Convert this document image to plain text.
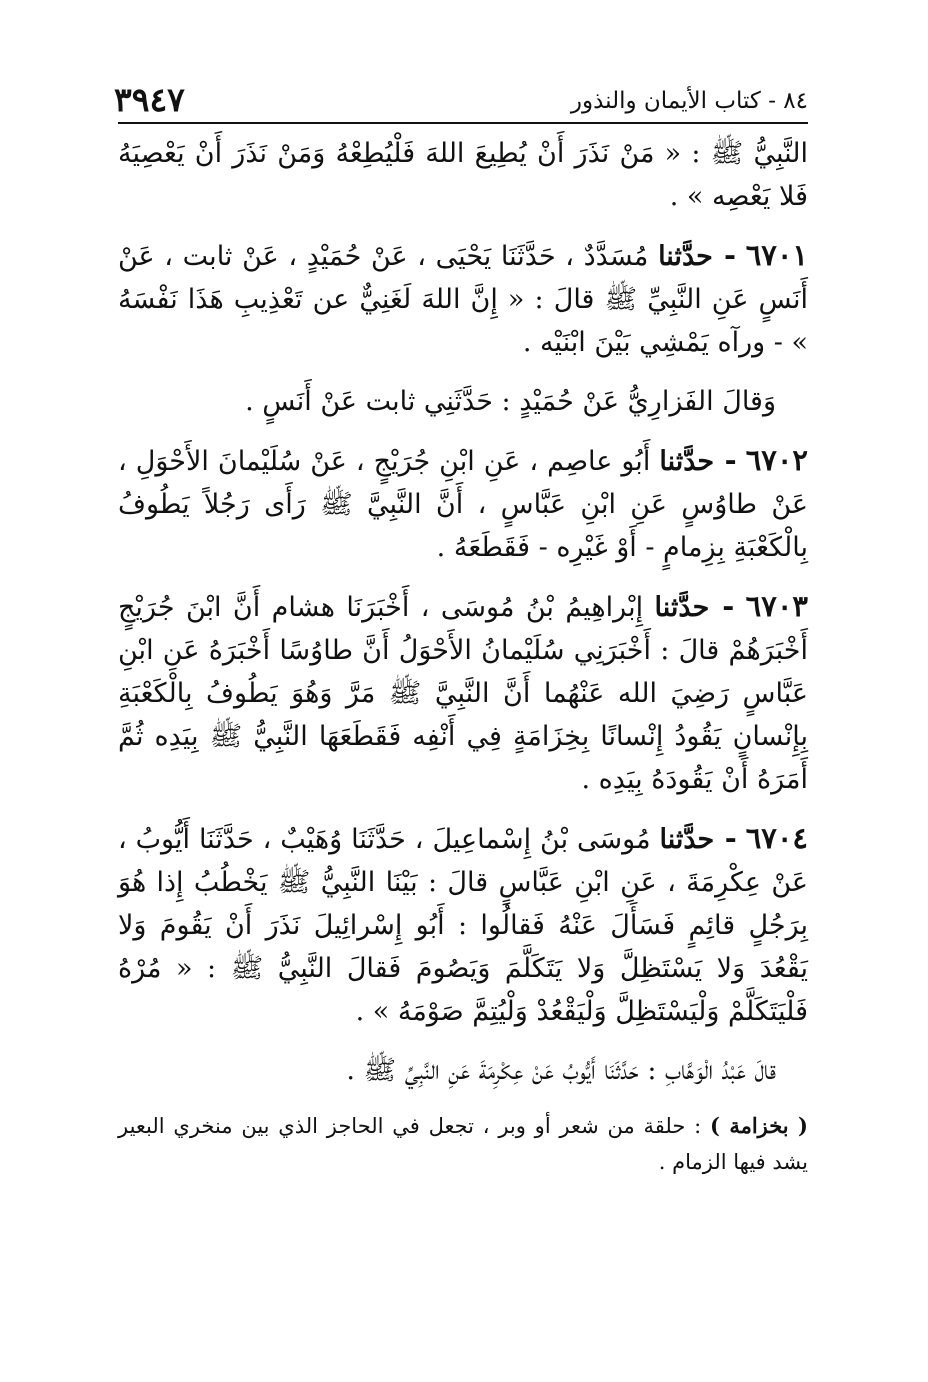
٨٤ - كتاب الأيمان والنذور
٣٩٤٧

النَّبِيُّ ﷺ : « مَنْ نَذَرَ أَنْ يُطِيعَ اللهَ فَلْيُطِعْهُ وَمَنْ نَذَرَ أَنْ يَعْصِيَهُ فَلا يَعْصِه » .

٦٧٠١ - حدَّثنا مُسَدَّدٌ ، حَدَّثَنَا يَحْيَى ، عَنْ حُمَيْدٍ ، عَنْ ثابت ، عَنْ أَنَسٍ عَنِ النَّبِيِّ ﷺ قالَ : « إِنَّ اللهَ لَغَنِيٌّ عن تَعْذِيبِ هَذَا نَفْسَهُ » - ورآه يَمْشِي بَيْنَ ابْنَيْه .

وَقالَ الفَزارِيُّ عَنْ حُمَيْدٍ : حَدَّثَنِي ثابت عَنْ أَنَسٍ .

٦٧٠٢ - حدَّثنا أَبُو عاصِم ، عَنِ ابْنِ جُرَيْجٍ ، عَنْ سُلَيْمانَ الأَحْوَلِ ، عَنْ طاوُسٍ عَنِ ابْنِ عَبَّاسٍ ، أَنَّ النَّبِيَّ ﷺ رَأَى رَجُلاً يَطُوفُ بِالْكَعْبَةِ بِزِمامٍ - أَوْ غَيْرِه - فَقَطَعَهُ .

٦٧٠٣ - حدَّثنا إِبْراهِيمُ بْنُ مُوسَى ، أَخْبَرَنَا هشام أَنَّ ابْنَ جُرَيْجٍ أَخْبَرَهُمْ قالَ : أَخْبَرَنِي سُلَيْمانُ الأَحْوَلُ أَنَّ طاوُسًا أَخْبَرَهُ عَنِ ابْنِ عَبَّاسٍ رَضِيَ الله عَنْهُما أَنَّ النَّبِيَّ ﷺ مَرَّ وَهُوَ يَطُوفُ بِالْكَعْبَةِ بِإِنْسانٍ يَقُودُ إِنْسانًا بِخِزَامَةٍ فِي أَنْفِه فَقَطَعَهَا النَّبِيُّ ﷺ بِيَدِه ثُمَّ أَمَرَهُ أَنْ يَقُودَهُ بِيَدِه .

٦٧٠٤ - حدَّثنا مُوسَى بْنُ إِسْماعِيلَ ، حَدَّثَنَا وُهَيْبٌ ، حَدَّثَنَا أَيُّوبُ ، عَنْ عِكْرِمَةَ ، عَنِ ابْنِ عَبَّاسٍ قالَ : بَيْنَا النَّبِيُّ ﷺ يَخْطُبُ إِذا هُوَ بِرَجُلٍ قائِمٍ فَسَأَلَ عَنْهُ فَقالُوا : أَبُو إِسْرائِيلَ نَذَرَ أَنْ يَقُومَ وَلا يَقْعُدَ وَلا يَسْتَظِلَّ وَلا يَتَكَلَّمَ وَيَصُومَ فَقالَ النَّبِيُّ ﷺ : « مُرْهُ فَلْيَتَكَلَّمْ وَلْيَسْتَظِلَّ وَلْيَقْعُدْ وَلْيُتِمَّ صَوْمَهُ » .

قالَ عَبْدُ الْوَهَّابِ : حَدَّثَنَا أَيُّوبُ عَنْ عِكْرِمَةَ عَنِ النَّبِيِّ ﷺ .

( بخزامة ) : حلقة من شعر أو وبر ، تجعل في الحاجز الذي بين منخري البعير يشد فيها الزمام .
